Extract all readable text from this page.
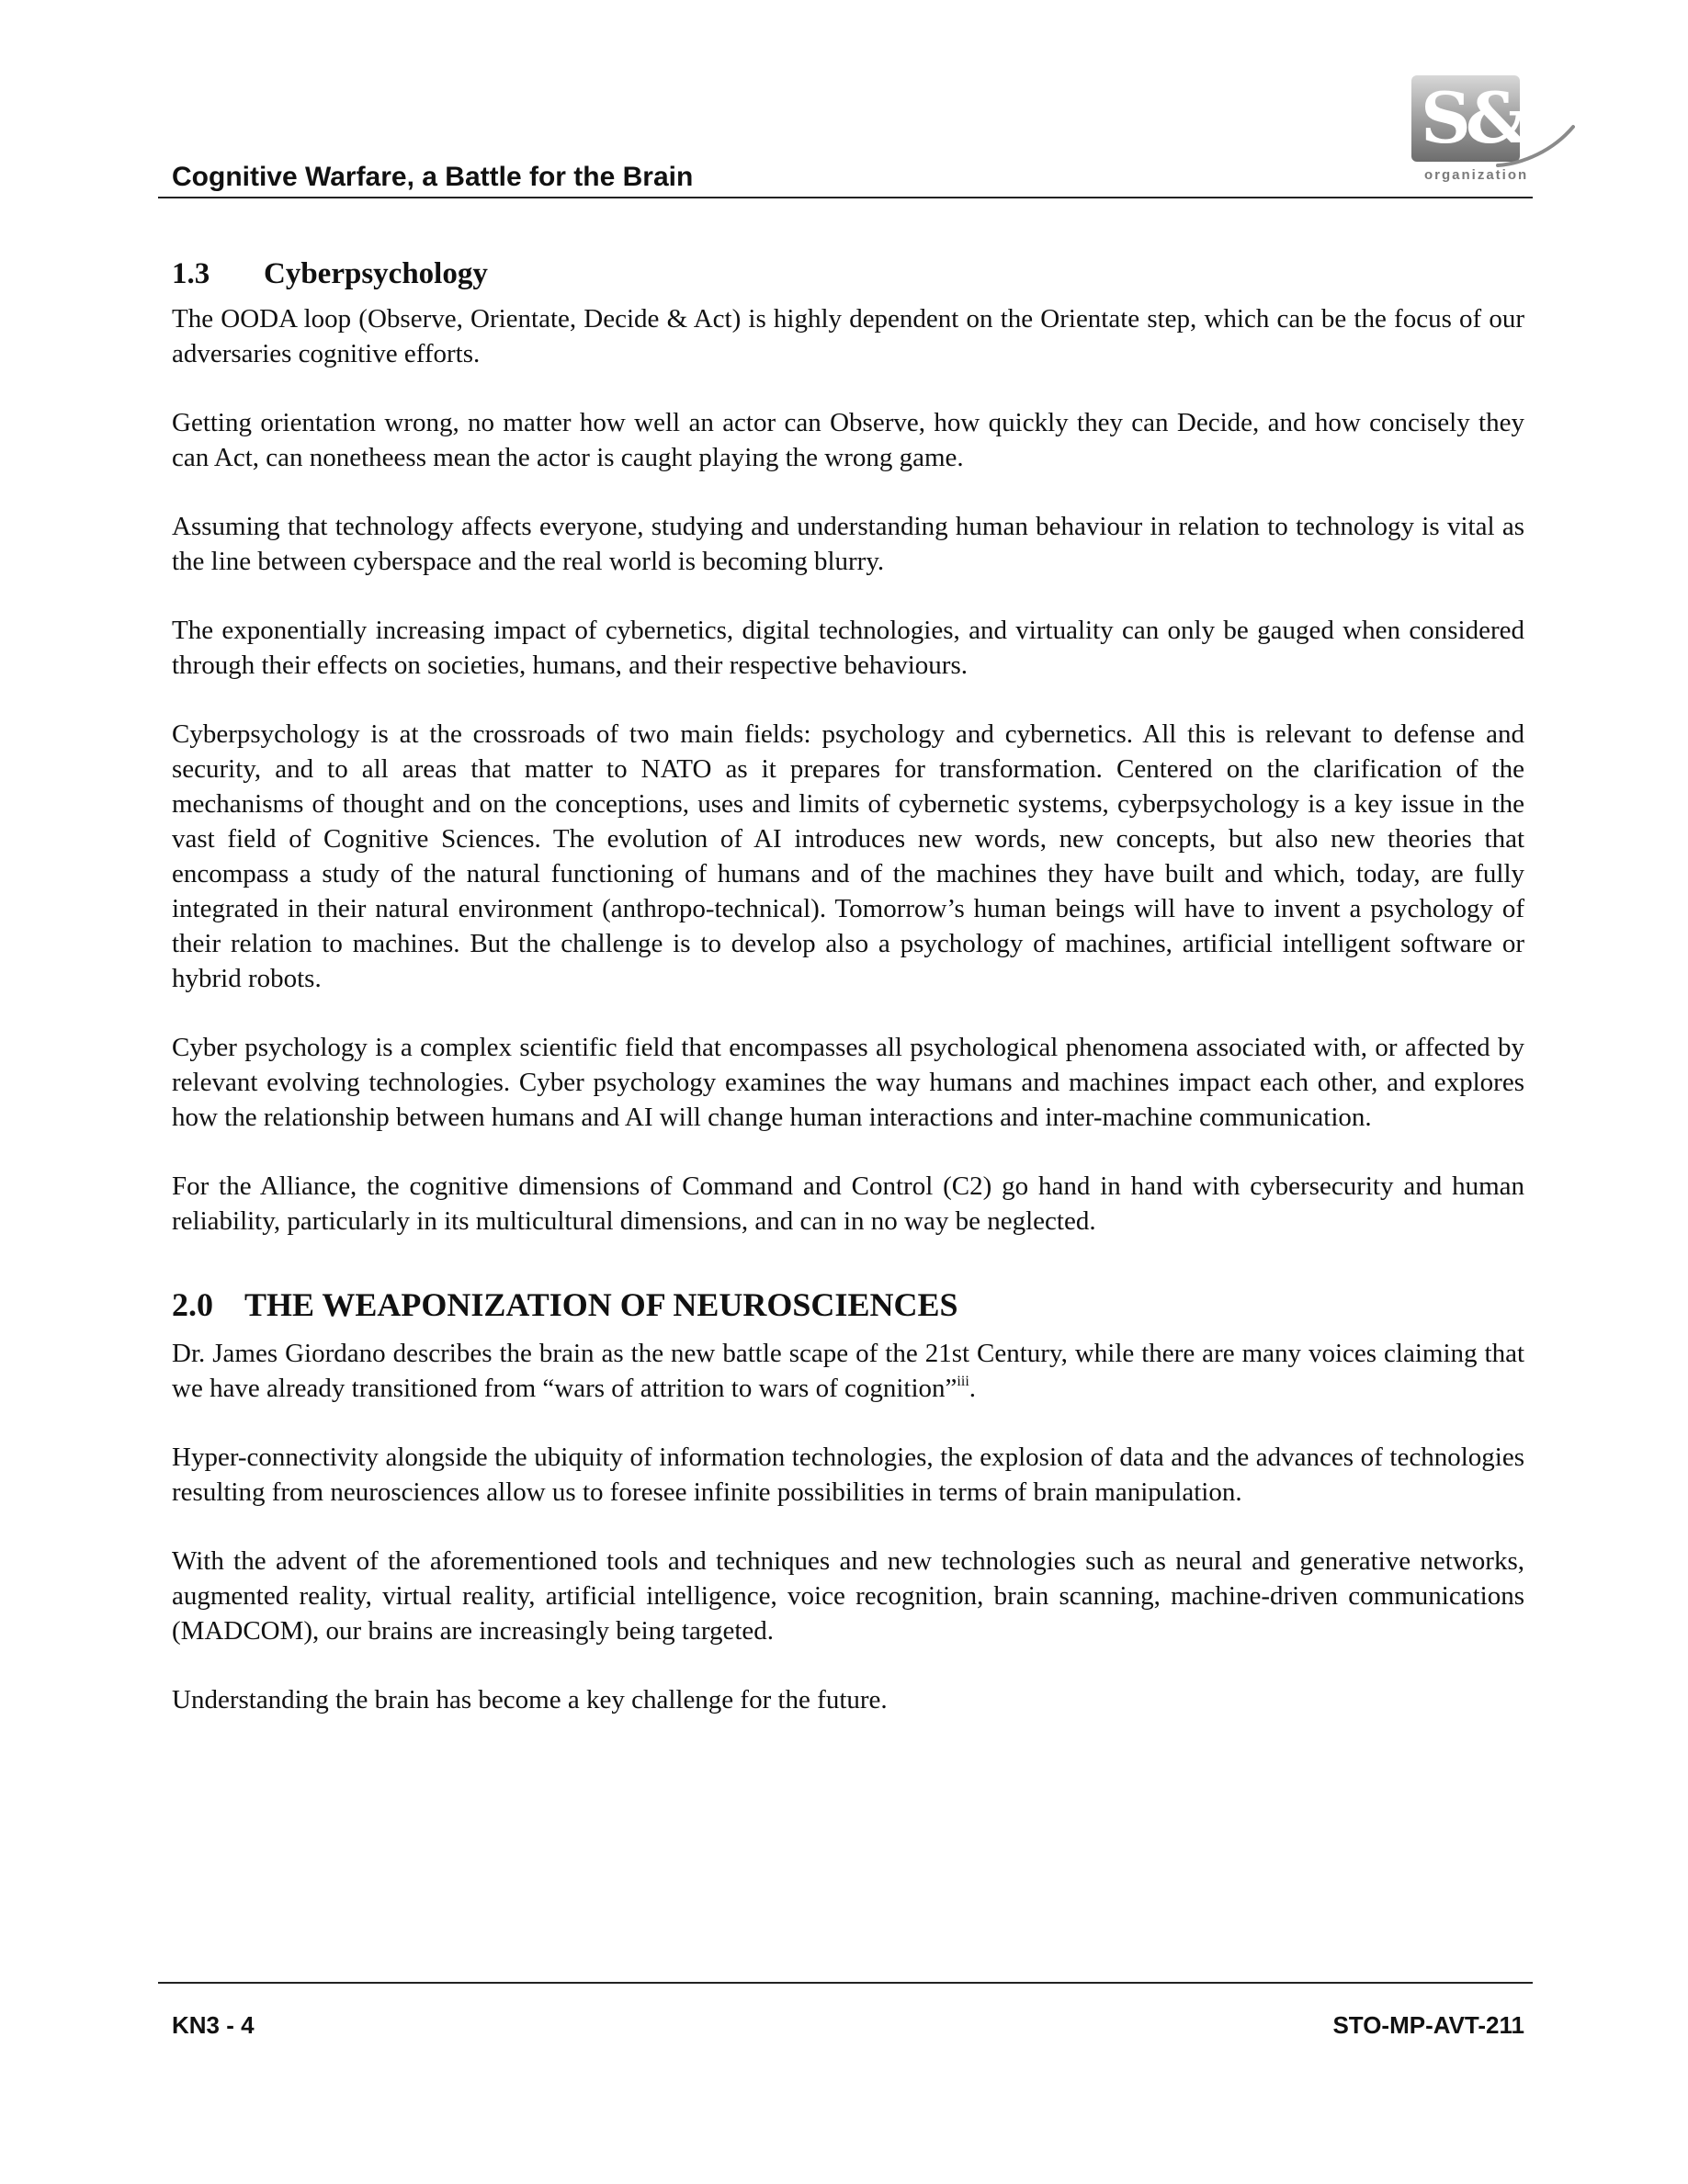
Cognitive Warfare, a Battle for the Brain
S&T
organization
1.3 Cyberpsychology

The OODA loop (Observe, Orientate, Decide & Act) is highly dependent on the Orientate step, which can be the focus of our adversaries cognitive efforts.

Getting orientation wrong, no matter how well an actor can Observe, how quickly they can Decide, and how concisely they can Act, can nonetheess mean the actor is caught playing the wrong game.

Assuming that technology affects everyone, studying and understanding human behaviour in relation to technology is vital as the line between cyberspace and the real world is becoming blurry.

The exponentially increasing impact of cybernetics, digital technologies, and virtuality can only be gauged when considered through their effects on societies, humans, and their respective behaviours.

Cyberpsychology is at the crossroads of two main fields: psychology and cybernetics. All this is relevant to defense and security, and to all areas that matter to NATO as it prepares for transformation. Centered on the clarification of the mechanisms of thought and on the conceptions, uses and limits of cybernetic systems, cyberpsychology is a key issue in the vast field of Cognitive Sciences. The evolution of AI introduces new words, new concepts, but also new theories that encompass a study of the natural functioning of humans and of the machines they have built and which, today, are fully integrated in their natural environment (anthropo-technical). Tomorrow’s human beings will have to invent a psychology of their relation to machines. But the challenge is to develop also a psychology of machines, artificial intelligent software or hybrid robots.

Cyber psychology is a complex scientific field that encompasses all psychological phenomena associated with, or affected by relevant evolving technologies. Cyber psychology examines the way humans and machines impact each other, and explores how the relationship between humans and AI will change human interactions and inter-machine communication.

For the Alliance, the cognitive dimensions of Command and Control (C2) go hand in hand with cybersecurity and human reliability, particularly in its multicultural dimensions, and can in no way be neglected.

2.0 THE WEAPONIZATION OF NEUROSCIENCES

Dr. James Giordano describes the brain as the new battle scape of the 21st Century, while there are many voices claiming that we have already transitioned from “wars of attrition to wars of cognition”$^{iii}$.

Hyper-connectivity alongside the ubiquity of information technologies, the explosion of data and the advances of technologies resulting from neurosciences allow us to foresee infinite possibilities in terms of brain manipulation.

With the advent of the aforementioned tools and techniques and new technologies such as neural and generative networks, augmented reality, virtual reality, artificial intelligence, voice recognition, brain scanning, machine-driven communications (MADCOM), our brains are increasingly being targeted.

Understanding the brain has become a key challenge for the future.

KN3 - 4	STO-MP-AVT-211
